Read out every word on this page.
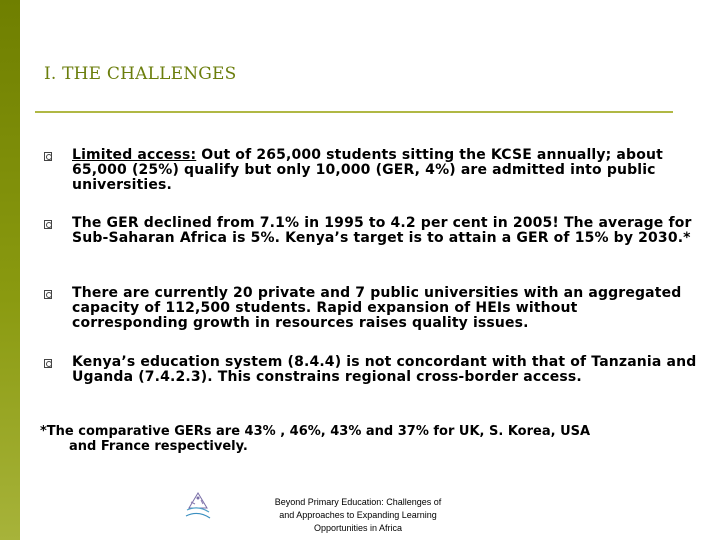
I. THE CHALLENGES
Limited access: Out of 265,000 students sitting the KCSE annually; about 65,000 (25%) qualify but only 10,000 (GER, 4%) are admitted into public universities.
The GER declined from 7.1% in 1995 to 4.2 per cent in 2005! The average for Sub-Saharan Africa is 5%. Kenya’s target is to attain a GER of 15% by 2030.*
There are currently 20 private and 7 public universities with an aggregated capacity of 112,500 students. Rapid expansion of HEIs without corresponding growth in resources raises quality issues.
Kenya’s education system (8.4.4) is not concordant with that of Tanzania and Uganda (7.4.2.3). This constrains regional cross-border access.
*The comparative GERs are 43% , 46%, 43% and 37% for UK, S. Korea, USA
and France respectively.
Beyond Primary Education: Challenges of
and Approaches to Expanding Learning
Opportunities in Africa
